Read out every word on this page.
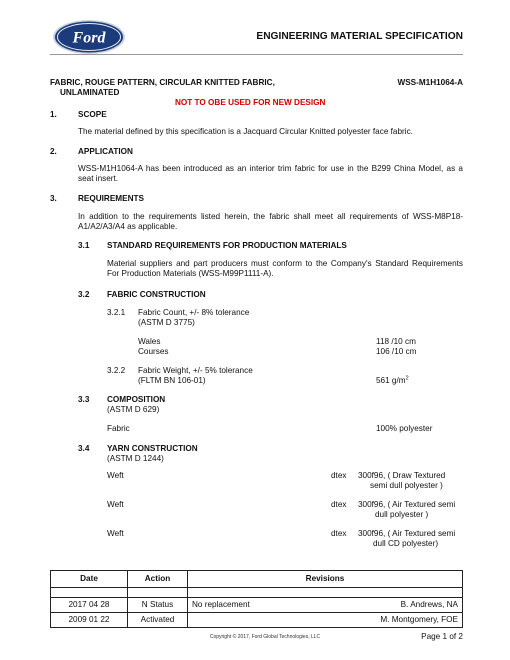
Ford	ENGINEERING MATERIAL SPECIFICATION
FABRIC, ROUGE PATTERN, CIRCULAR KNITTED FABRIC,
UNLAMINATED
WSS-M1H1064-A
NOT TO OBE USED FOR NEW DESIGN
1.	SCOPE
The material defined by this specification is a Jacquard Circular Knitted polyester face fabric.
2.	APPLICATION
WSS-M1H1064-A has been introduced as an interior trim fabric for use in the B299 China Model, as a seat insert.
3.	REQUIREMENTS
In addition to the requirements listed herein, the fabric shall meet all requirements of WSS-M8P18-A1/A2/A3/A4 as applicable.
3.1 STANDARD REQUIREMENTS FOR PRODUCTION MATERIALS
Material suppliers and part producers must conform to the Company's Standard Requirements For Production Materials (WSS-M99P1111-A).
3.2 FABRIC CONSTRUCTION
3.2.1 Fabric Count, +/- 8% tolerance
(ASTM D 3775)
Wales	118 /10 cm
Courses	106 /10 cm
3.2.2 Fabric Weight, +/- 5% tolerance
(FLTM BN 106-01)	561 $g/m^2$
3.3 COMPOSITION
(ASTM D 629)
Fabric	100% polyester
3.4 YARN CONSTRUCTION
(ASTM D 1244)
Weft	dtex 300f96, ( Draw Textured
semi dull polyester )
Weft	dtex 300f96, ( Air Textured semi
dull polyester )
Weft	dtex 300f96, ( Air Textured semi
dull CD polyester)
Date	Action	Revisions

2017 04 28	N Status	No replacement B. Andrews, NA

2009 01 22	Activated	M. Montgomery, FOE
Copyright © 2017, Ford Global Technologies, LLC	Page 1 of 2
